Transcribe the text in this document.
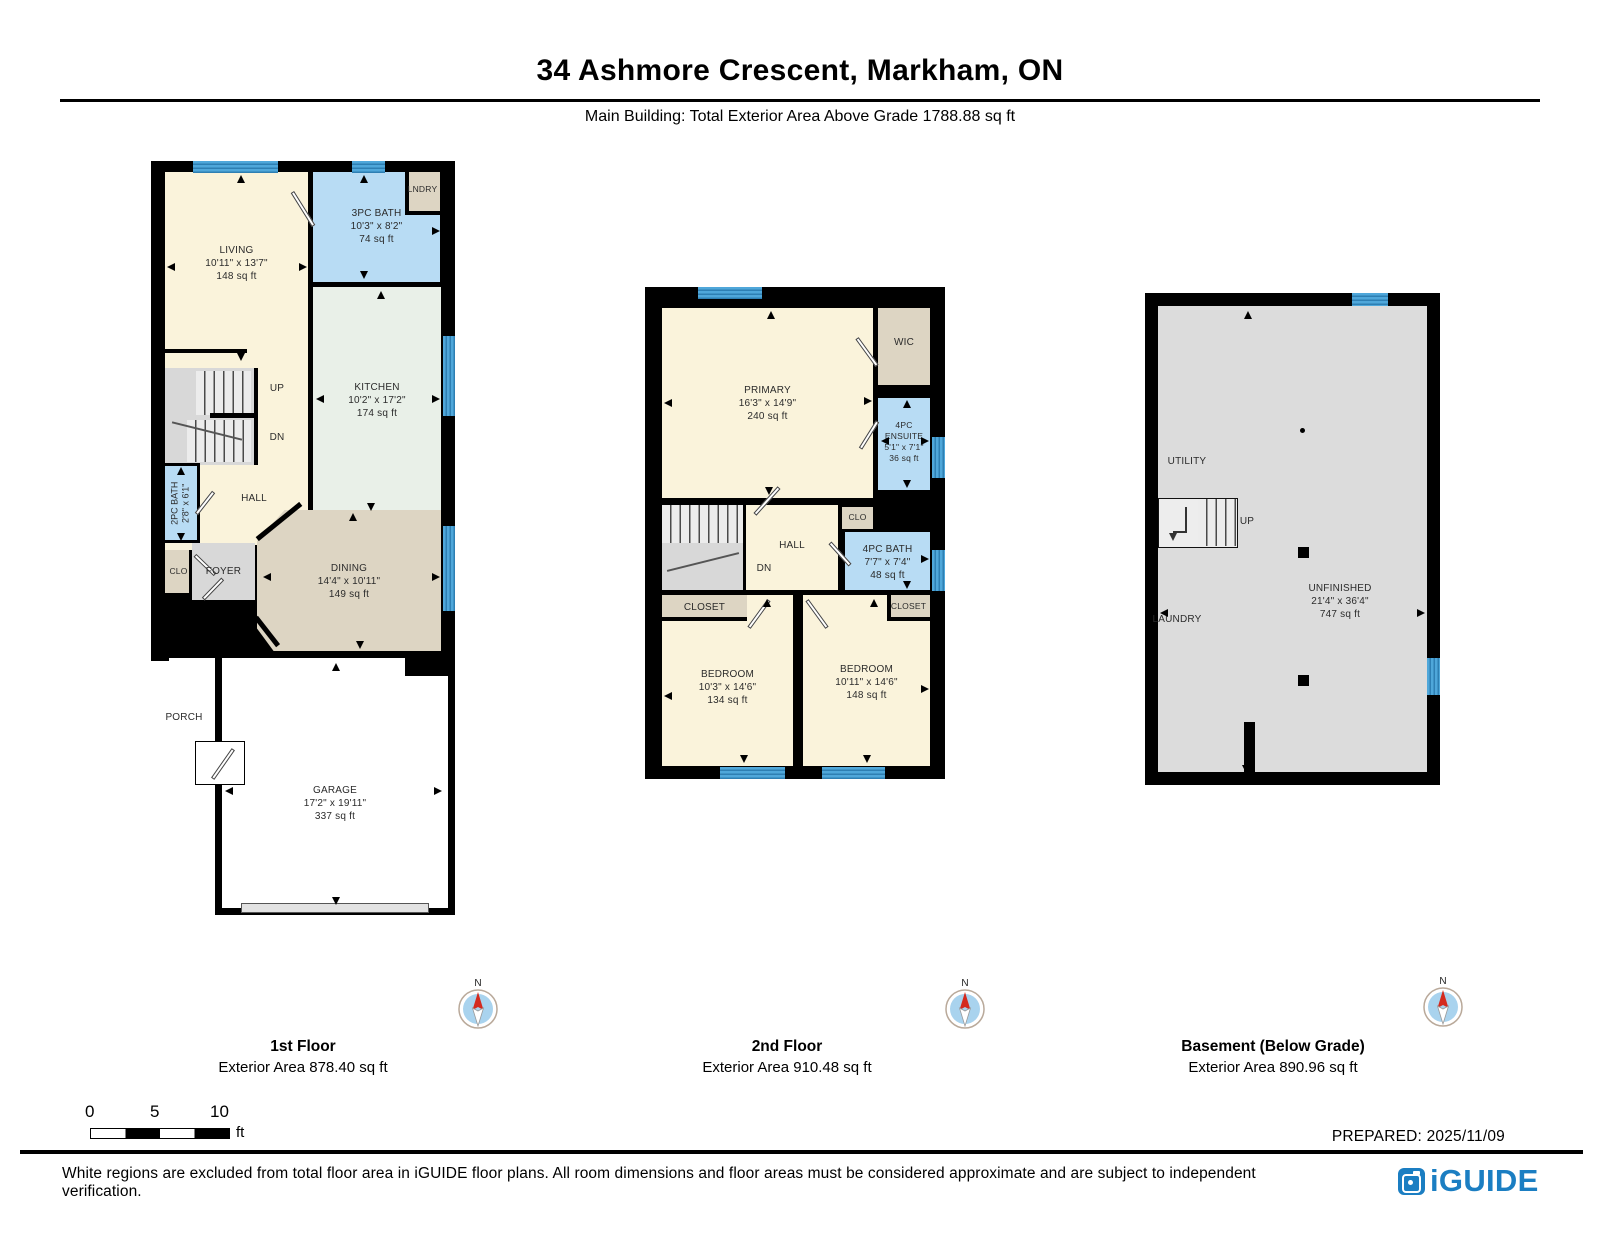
34 Ashmore Crescent, Markham, ON
Main Building: Total Exterior Area Above Grade 1788.88 sq ft
2PC BATH 2'8" x 6'1"
LIVING
10'11" x 13'7"
148 sq ft
3PC BATH
10'3" x 8'2"
74 sq ft
LNDRY
KITCHEN
10'2" x 17'2"
174 sq ft
UP
DN
HALL
CLO FOYER	DINING
14'4" x 10'11"
149 sq ft
PORCH
GARAGE
17'2" x 19'11"
337 sq ft
PRIMARY
16'3" x 14'9"
240 sq ft
WIC
4PC ENSUITE
5'1" x 7'1"
36 sq ft
HALL
DN
CLO
4PC BATH
7'7" x 7'4"
48 sq ft
CLOSET	CLOSET
BEDROOM
10'3" x 14'6"
134 sq ft
BEDROOM
10'11" x 14'6"
148 sq ft
UTILITY
UP
LAUNDRY
UNFINISHED
21'4" x 36'4"
747 sq ft
N	N	N
1st Floor
Exterior Area 878.40 sq ft
2nd Floor
Exterior Area 910.48 sq ft
Basement (Below Grade)
Exterior Area 890.96 sq ft
0	5	10
ft	PREPARED: 2025/11/09
White regions are excluded from total floor area in iGUIDE floor plans. All room dimensions and floor areas must be considered approximate and are subject to independent verification.	iGUIDE
